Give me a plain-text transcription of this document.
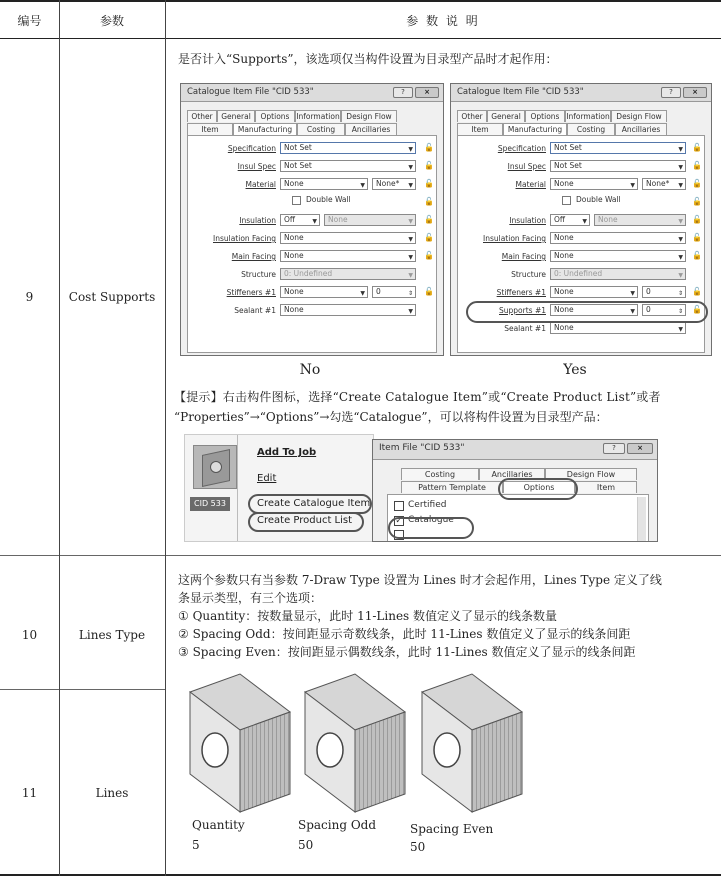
编号	参数	参 数 说 明
9	Cost Supports
是否计入“Supports”，该选项仅当构件设置为目录型产品时才起作用：
Catalogue Item File "CID 533"	?	×
Other	General	Options Information Design Flow
Item	Manufacturing	Costing	Ancillaries
Specification	Not Set	▼ 🔓
Insul Spec	Not Set	▼ 🔓
Material	None	▼	None* ▼ 🔓
Double Wall	🔓
Insulation	Off	▼	None	▼ 🔓
Insulation Facing	None	▼ 🔓
Main Facing	None	▼ 🔓
Structure	0: Undefined	▼
Stiffeners #1	None	▼	0	⇕ 🔓
Sealant #1	None	▼
Catalogue Item File "CID 533"	?	×
Other	General	Options Information Design Flow
Item	Manufacturing	Costing	Ancillaries
Specification	Not Set	▼ 🔓
Insul Spec	Not Set	▼ 🔓
Material	None	▼	None* ▼ 🔓
Double Wall	🔓
Insulation	Off	▼	None	▼ 🔓
Insulation Facing	None	▼ 🔓
Main Facing	None	▼ 🔓
Structure	0: Undefined	▼
Stiffeners #1	None	▼	0	⇕ 🔓
Supports #1	None	▼	0	⇕ 🔓
Sealant #1	None	▼
No	Yes
【提示】右击构件图标，选择“Create Catalogue Item”或“Create Product List”或者
“Properties”→“Options”→勾选“Catalogue”，可以将构件设置为目录型产品：
CID 533
Add To Job
Edit
Create Catalogue Item
Create Product List
Item File "CID 533"	?	×
Costing	Ancillaries	Design Flow
Pattern Template	Options	Item
Certified
✓ Catalogue
10	Lines Type
这两个参数只有当参数 7-Draw Type 设置为 Lines 时才会起作用，Lines Type 定义了线
条显示类型，有三个选项：
① Quantity：按数量显示，此时 11-Lines 数值定义了显示的线条数量
② Spacing Odd：按间距显示奇数线条，此时 11-Lines 数值定义了显示的线条间距
③ Spacing Even：按间距显示偶数线条，此时 11-Lines 数值定义了显示的线条间距
11	Lines
Quantity
5
Spacing Odd
50
Spacing Even
50
